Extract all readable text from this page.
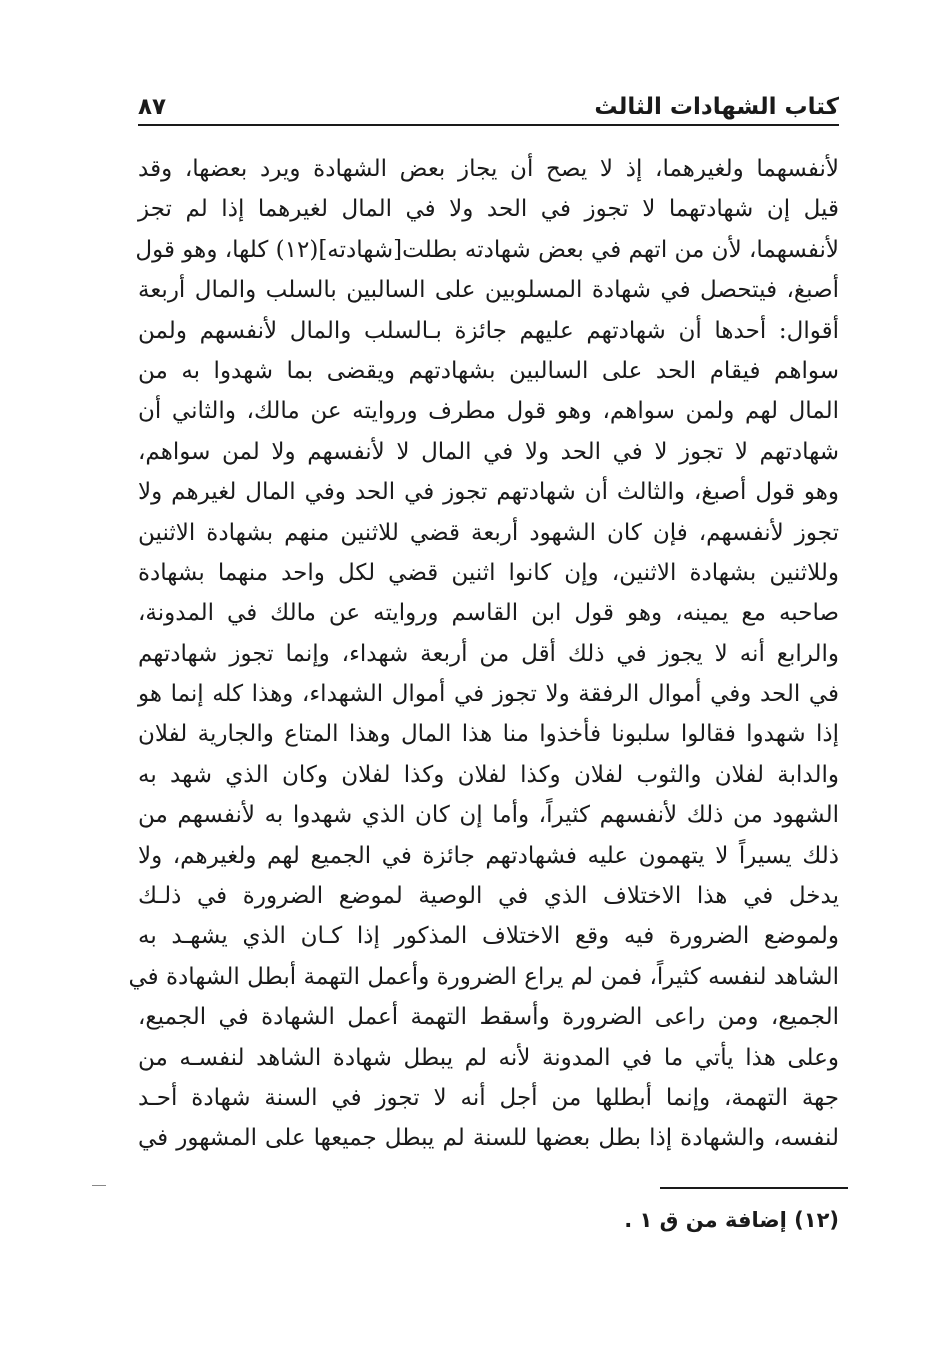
كتاب الشهادات الثالث
٨٧
لأنفسهما ولغيرهما، إذ لا يصح أن يجاز بعض الشهادة ويرد بعضها، وقد
قيل إن شهادتهما لا تجوز في الحد ولا في المال لغيرهما إذا لم تجز
لأنفسهما، لأن من اتهم في بعض شهادته بطلت[شهادته](١٢) كلها، وهو قول
أصبغ، فيتحصل في شهادة المسلوبين على السالبين بالسلب والمال أربعة
أقوال: أحدها أن شهادتهم عليهم جائزة بـالسلب والمال لأنفسهم ولمن
سواهم فيقام الحد على السالبين بشهادتهم ويقضى بما شهدوا به من
المال لهم ولمن سواهم، وهو قول مطرف وروايته عن مالك، والثاني أن
شهادتهم لا تجوز لا في الحد ولا في المال لا لأنفسهم ولا لمن سواهم،
وهو قول أصبغ، والثالث أن شهادتهم تجوز في الحد وفي المال لغيرهم ولا
تجوز لأنفسهم، فإن كان الشهود أربعة قضي للاثنين منهم بشهادة الاثنين
وللاثنين بشهادة الاثنين، وإن كانوا اثنين قضي لكل واحد منهما بشهادة
صاحبه مع يمينه، وهو قول ابن القاسم وروايته عن مالك في المدونة،
والرابع أنه لا يجوز في ذلك أقل من أربعة شهداء، وإنما تجوز شهادتهم
في الحد وفي أموال الرفقة ولا تجوز في أموال الشهداء، وهذا كله إنما هو
إذا شهدوا فقالوا سلبونا فأخذوا منا هذا المال وهذا المتاع والجارية لفلان
والدابة لفلان والثوب لفلان وكذا لفلان وكذا لفلان وكان الذي شهد به
الشهود من ذلك لأنفسهم كثيراً، وأما إن كان الذي شهدوا به لأنفسهم من
ذلك يسيراً لا يتهمون عليه فشهادتهم جائزة في الجميع لهم ولغيرهم، ولا
يدخل في هذا الاختلاف الذي في الوصية لموضع الضرورة في ذلـك
ولموضع الضرورة فيه وقع الاختلاف المذكور إذا كـان الذي يشهـد به
الشاهد لنفسه كثيراً، فمن لم يراع الضرورة وأعمل التهمة أبطل الشهادة في
الجميع، ومن راعى الضرورة وأسقط التهمة أعمل الشهادة في الجميع،
وعلى هذا يأتي ما في المدونة لأنه لم يبطل شهادة الشاهد لنفسـه من
جهة التهمة، وإنما أبطلها من أجل أنه لا تجوز في السنة شهادة أحـد
لنفسه، والشهادة إذا بطل بعضها للسنة لم يبطل جميعها على المشهور في
(١٢) إضافة من ق ١ .
